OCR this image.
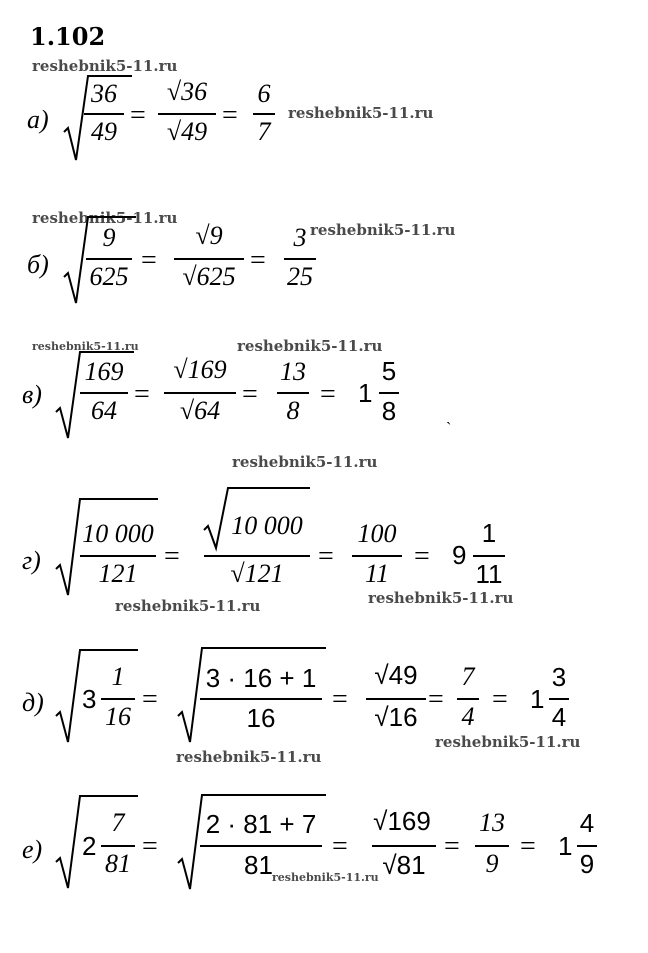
1.102
reshebnik5-11.ru
reshebnik5-11.ru
reshebnik5-11.ru
reshebnik5-11.ru
reshebnik5-11.ru	reshebnik5-11.ru
reshebnik5-11.ru
reshebnik5-11.ru	reshebnik5-11.ru
reshebnik5-11.ru
reshebnik5-11.ru
reshebnik5-11.ru
а)
36
49
=
√36
√49
=
6
7
б)
9
625
=
√9
√625
=
3
25
в)
169
64
=
√169
√64
=
13
8
= 1
5
8
ˋ
г)
10 000
121
=
10 000
√121
=
100
11
= 9
1
11
д) 3
1
16
=
3 · 16 + 1
16
=
√49
√16
=
7
4
= 1
3
4
е) 2
7
81
=
2 · 81 + 7
81
=
√169
√81
=
13
9
= 1
4
9
